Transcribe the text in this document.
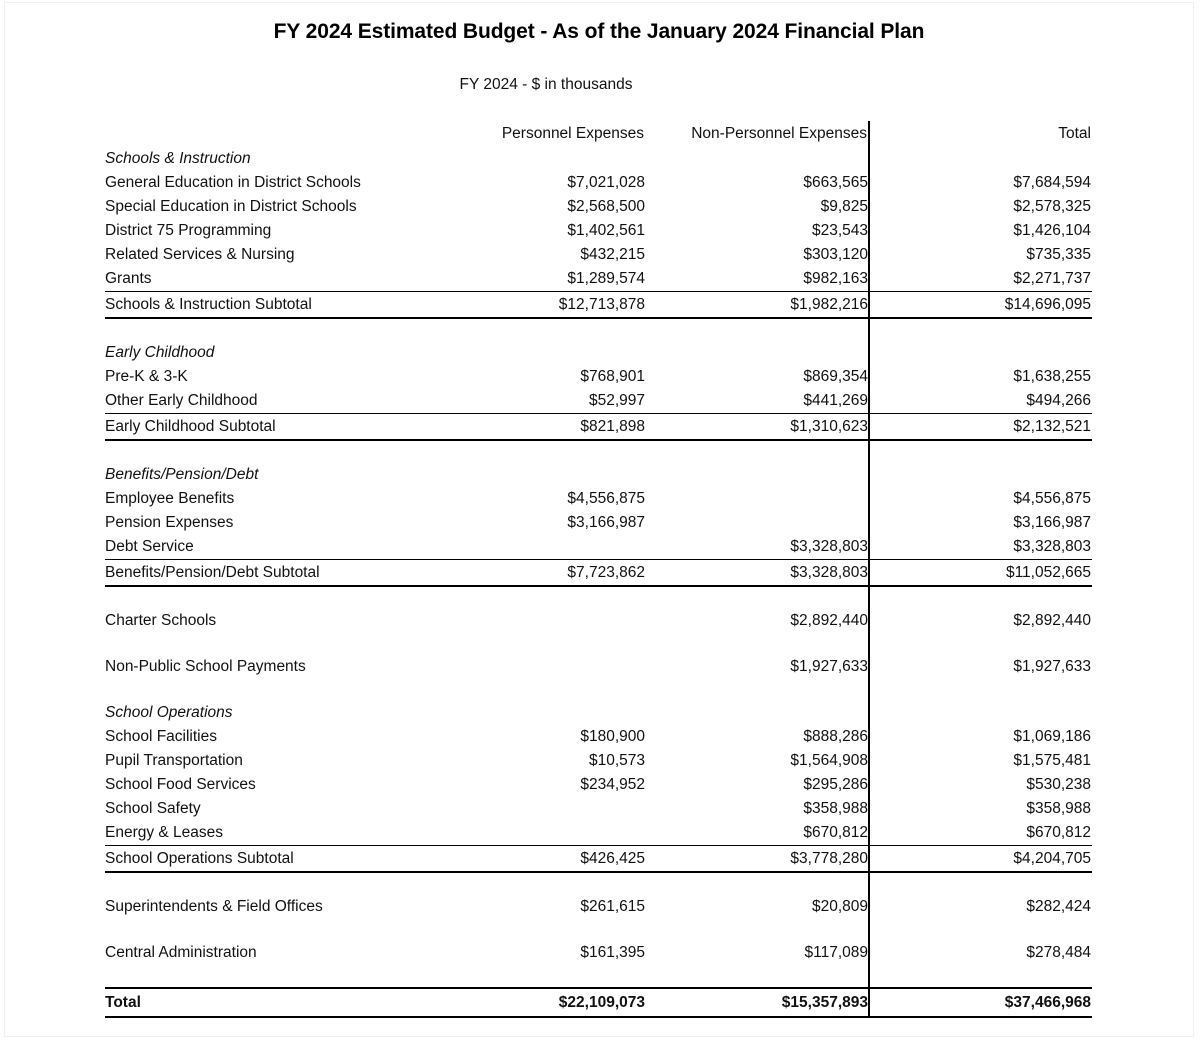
FY 2024 Estimated Budget - As of the January 2024 Financial Plan
FY 2024 - $ in thousands
	Personnel Expenses	Non-Personnel Expenses	Total
Schools & Instruction			
General Education in District Schools	$7,021,028	$663,565	$7,684,594
Special Education in District Schools	$2,568,500	$9,825	$2,578,325
District 75 Programming	$1,402,561	$23,543	$1,426,104
Related Services & Nursing	$432,215	$303,120	$735,335
Grants	$1,289,574	$982,163	$2,271,737
Schools & Instruction Subtotal	$12,713,878	$1,982,216	$14,696,095

Early Childhood			
Pre-K & 3-K	$768,901	$869,354	$1,638,255
Other Early Childhood	$52,997	$441,269	$494,266
Early Childhood Subtotal	$821,898	$1,310,623	$2,132,521

Benefits/Pension/Debt			
Employee Benefits	$4,556,875		$4,556,875
Pension Expenses	$3,166,987		$3,166,987
Debt Service		$3,328,803	$3,328,803
Benefits/Pension/Debt Subtotal	$7,723,862	$3,328,803	$11,052,665

Charter Schools		$2,892,440	$2,892,440

Non-Public School Payments		$1,927,633	$1,927,633

School Operations			
School Facilities	$180,900	$888,286	$1,069,186
Pupil Transportation	$10,573	$1,564,908	$1,575,481
School Food Services	$234,952	$295,286	$530,238
School Safety		$358,988	$358,988
Energy & Leases		$670,812	$670,812
School Operations Subtotal	$426,425	$3,778,280	$4,204,705

Superintendents & Field Offices	$261,615	$20,809	$282,424

Central Administration	$161,395	$117,089	$278,484

Total	$22,109,073	$15,357,893	$37,466,968
